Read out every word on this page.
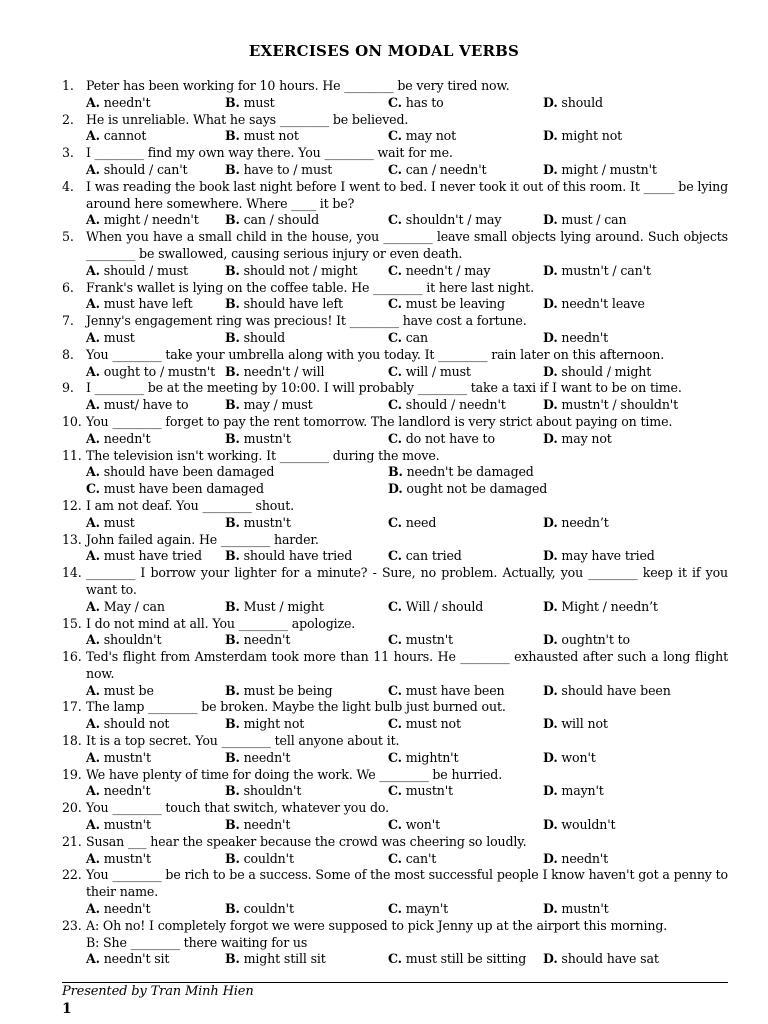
EXERCISES ON MODAL VERBS
1. Peter has been working for 10 hours. He ________ be very tired now.
A. needn't	B. must	C. has to	D. should
2. He is unreliable. What he says ________ be believed.
A. cannot	B. must not	C. may not	D. might not
3. I ________ find my own way there. You ________ wait for me.
A. should / can't	B. have to / must	C. can / needn't	D. might / mustn't
4. I was reading the book last night before I went to bed. I never took it out of this room. It _____ be lying around here somewhere. Where ____ it be?
A. might / needn't	B. can / should	C. shouldn't / may	D. must / can
5. When you have a small child in the house, you ________ leave small objects lying around. Such objects ________ be swallowed, causing serious injury or even death.
A. should / must	B. should not / might	C. needn't / may	D. mustn't / can't
6. Frank's wallet is lying on the coffee table. He ________ it here last night.
A. must have left	B. should have left	C. must be leaving	D. needn't leave
7. Jenny's engagement ring was precious! It ________ have cost a fortune.
A. must	B. should	C. can	D. needn't
8. You ________ take your umbrella along with you today. It ________ rain later on this afternoon.
A. ought to / mustn't B. needn't / will	C. will / must	D. should / might
9. I ________ be at the meeting by 10:00. I will probably ________ take a taxi if I want to be on time.
A. must/ have to	B. may / must	C. should / needn't	D. mustn't / shouldn't
10. You ________ forget to pay the rent tomorrow. The landlord is very strict about paying on time.
A. needn't	B. mustn't	C. do not have to	D. may not
11. The television isn't working. It ________ during the move.
A. should have been damaged	B. needn't be damaged
C. must have been damaged	D. ought not be damaged
12. I am not deaf. You ________ shout.
A. must	B. mustn't	C. need	D. needn’t
13. John failed again. He ________ harder.
A. must have tried	B. should have tried	C. can tried	D. may have tried
14. ________ I borrow your lighter for a minute? - Sure, no problem. Actually, you ________ keep it if you want to.
A. May / can	B. Must / might	C. Will / should	D. Might / needn’t
15. I do not mind at all. You ________ apologize.
A. shouldn't	B. needn't	C. mustn't	D. oughtn't to
16. Ted's flight from Amsterdam took more than 11 hours. He ________ exhausted after such a long flight now.
A. must be	B. must be being	C. must have been	D. should have been
17. The lamp ________ be broken. Maybe the light bulb just burned out.
A. should not	B. might not	C. must not	D. will not
18. It is a top secret. You ________ tell anyone about it.
A. mustn't	B. needn't	C. mightn't	D. won't
19. We have plenty of time for doing the work. We ________ be hurried.
A. needn't	B. shouldn't	C. mustn't	D. mayn't
20. You ________ touch that switch, whatever you do.
A. mustn't	B. needn't	C. won't	D. wouldn't
21. Susan ___ hear the speaker because the crowd was cheering so loudly.
A. mustn't	B. couldn't	C. can't	D. needn't
22. You ________ be rich to be a success. Some of the most successful people I know haven't got a penny to their name.
A. needn't	B. couldn't	C. mayn't	D. mustn't
23. A: Oh no! I completely forgot we were supposed to pick Jenny up at the airport this morning.
B: She ________ there waiting for us
A. needn't sit	B. might still sit	C. must still be sitting	D. should have sat
Presented by Tran Minh Hien
1
